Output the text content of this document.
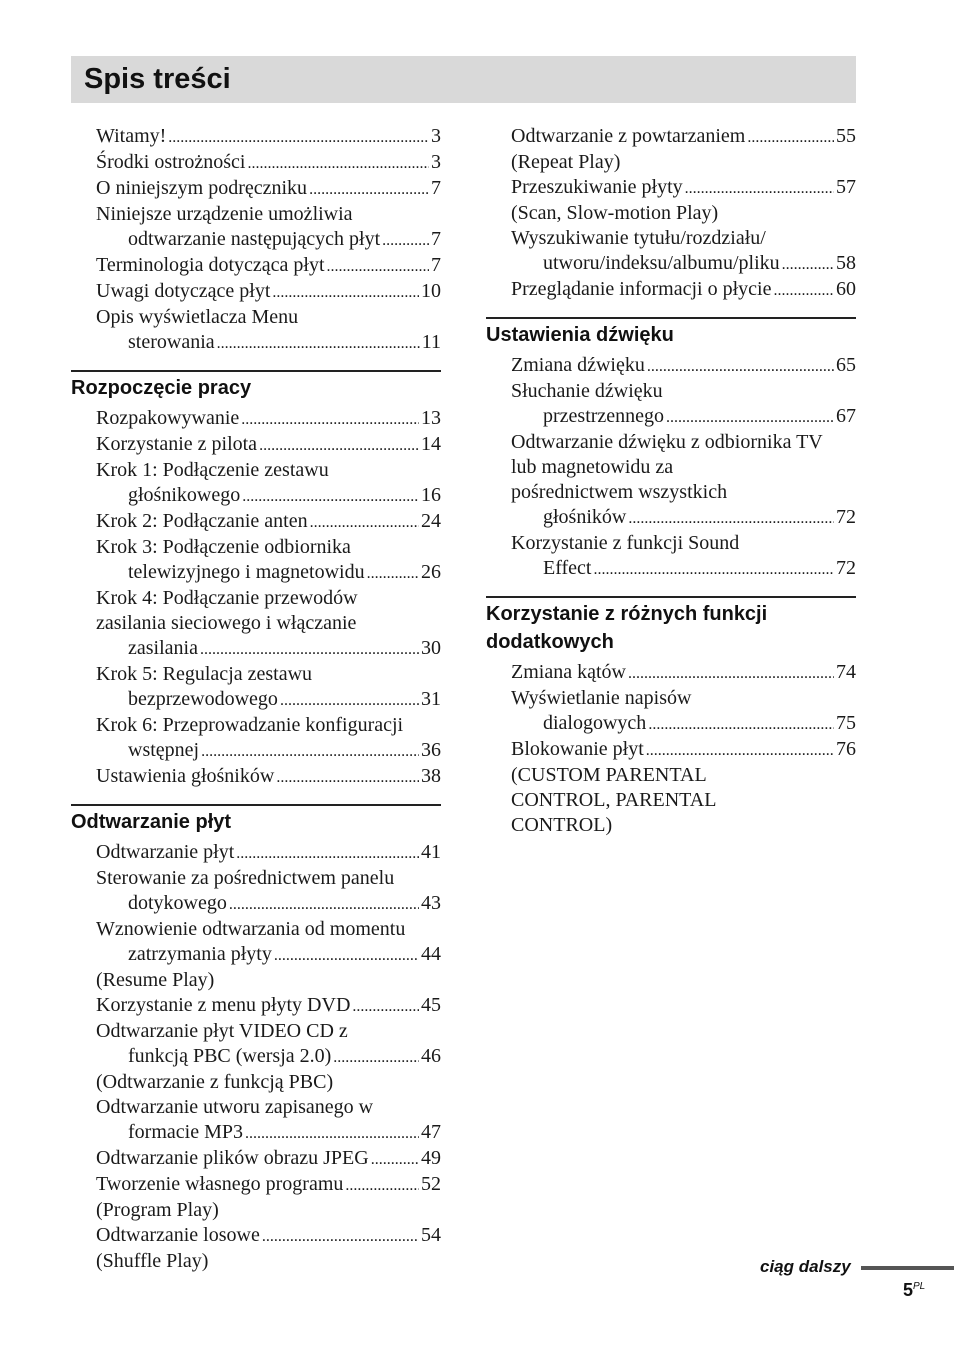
Spis treści
Witamy! . . .	3
Środki ostrożności . . .	3
O niniejszym podręczniku . . .	7
Niniejsze urządzenie umożliwia
odtwarzanie następujących płyt . . .	7
Terminologia dotycząca płyt . . .	7
Uwagi dotyczące płyt . . .	10
Opis wyświetlacza Menu
sterowania . . .	11
Rozpoczęcie pracy
Rozpakowywanie . . .	13
Korzystanie z pilota . . .	14
Krok 1: Podłączenie zestawu
głośnikowego . . .	16
Krok 2: Podłączanie anten . . .	24
Krok 3: Podłączenie odbiornika
telewizyjnego i magnetowidu . . .	26
Krok 4: Podłączanie przewodów
zasilania sieciowego i włączanie
zasilania . . .	30
Krok 5: Regulacja zestawu
bezprzewodowego . . .	31
Krok 6: Przeprowadzanie konfiguracji
wstępnej . . .	36
Ustawienia głośników . . .	38
Odtwarzanie płyt
Odtwarzanie płyt . . .	41
Sterowanie za pośrednictwem panelu
dotykowego . . .	43
Wznowienie odtwarzania od momentu
zatrzymania płyty . . .	44
(Resume Play)
Korzystanie z menu płyty DVD . . .	45
Odtwarzanie płyt VIDEO CD z
funkcją PBC (wersja 2.0) . . .	46
(Odtwarzanie z funkcją PBC)
Odtwarzanie utworu zapisanego w
formacie MP3 . . .	47
Odtwarzanie plików obrazu JPEG . . .	49
Tworzenie własnego programu . . .	52
(Program Play)
Odtwarzanie losowe . . .	54
(Shuffle Play)
Odtwarzanie z powtarzaniem . . .	55
(Repeat Play)
Przeszukiwanie płyty . . .	57
(Scan, Slow-motion Play)
Wyszukiwanie tytułu/rozdziału/
utworu/indeksu/albumu/pliku . . .	58
Przeglądanie informacji o płycie . . .	60
Ustawienia dźwięku
Zmiana dźwięku . . .	65
Słuchanie dźwięku
przestrzennego . . .	67
Odtwarzanie dźwięku z odbiornika TV
lub magnetowidu za
pośrednictwem wszystkich
głośników . . .	72
Korzystanie z funkcji Sound
Effect . . .	72
Korzystanie z różnych funkcji dodatkowych
Zmiana kątów . . .	74
Wyświetlanie napisów
dialogowych . . .	75
Blokowanie płyt . . .	76
(CUSTOM PARENTAL
CONTROL, PARENTAL
CONTROL)
ciąg dalszy
$5^{PL}$
